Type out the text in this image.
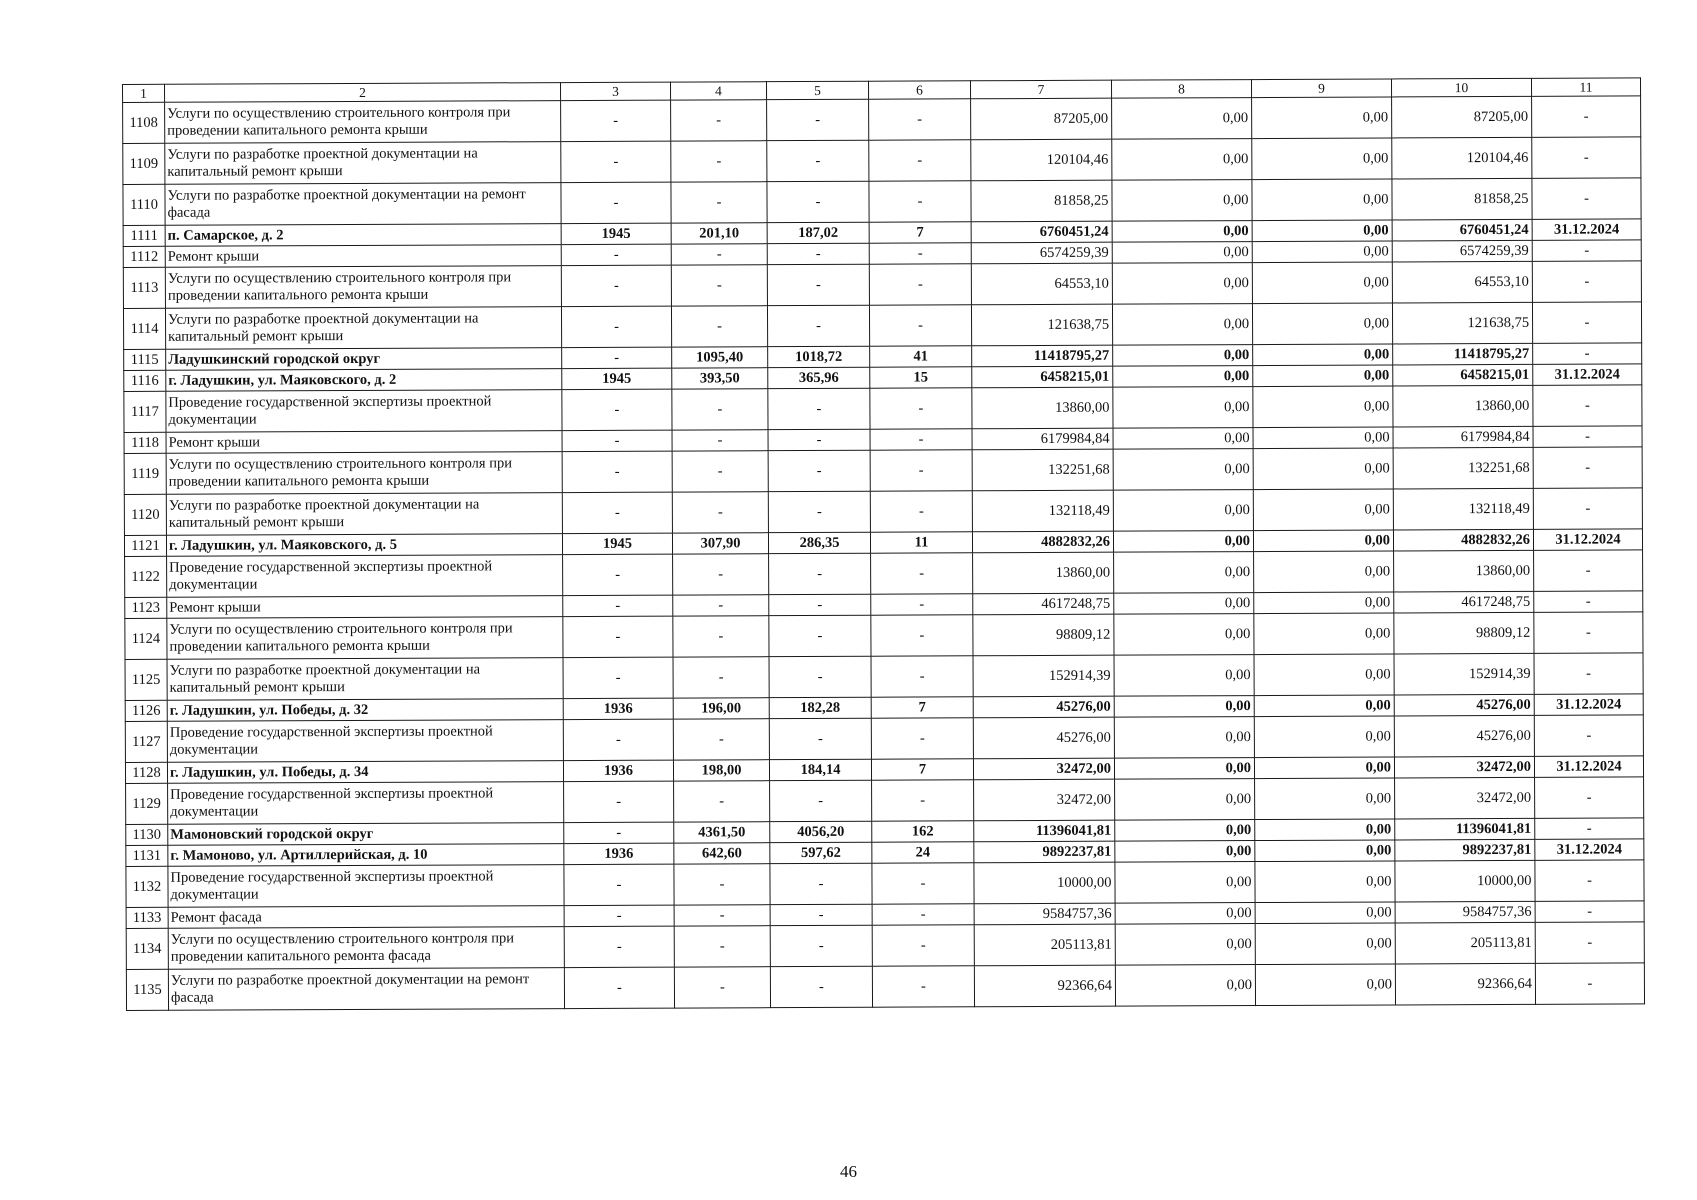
1	2	3	4	5	6	7	8	9	10	11
1108	Услуги по осуществлению строительного контроля при проведении капитального ремонта крыши	-	-	-	-	87205,00	0,00	0,00	87205,00	-
1109	Услуги по разработке проектной документации на капитальный ремонт крыши	-	-	-	-	120104,46	0,00	0,00	120104,46	-
1110	Услуги по разработке проектной документации на ремонт фасада	-	-	-	-	81858,25	0,00	0,00	81858,25	-
1111	п. Самарское, д. 2	1945	201,10	187,02	7	6760451,24	0,00	0,00	6760451,24	31.12.2024
1112	Ремонт крыши	-	-	-	-	6574259,39	0,00	0,00	6574259,39	-
1113	Услуги по осуществлению строительного контроля при проведении капитального ремонта крыши	-	-	-	-	64553,10	0,00	0,00	64553,10	-
1114	Услуги по разработке проектной документации на капитальный ремонт крыши	-	-	-	-	121638,75	0,00	0,00	121638,75	-
1115	Ладушкинский городской округ	-	1095,40	1018,72	41	11418795,27	0,00	0,00	11418795,27	-
1116	г. Ладушкин, ул. Маяковского, д. 2	1945	393,50	365,96	15	6458215,01	0,00	0,00	6458215,01	31.12.2024
1117	Проведение государственной экспертизы проектной документации	-	-	-	-	13860,00	0,00	0,00	13860,00	-
1118	Ремонт крыши	-	-	-	-	6179984,84	0,00	0,00	6179984,84	-
1119	Услуги по осуществлению строительного контроля при проведении капитального ремонта крыши	-	-	-	-	132251,68	0,00	0,00	132251,68	-
1120	Услуги по разработке проектной документации на капитальный ремонт крыши	-	-	-	-	132118,49	0,00	0,00	132118,49	-
1121	г. Ладушкин, ул. Маяковского, д. 5	1945	307,90	286,35	11	4882832,26	0,00	0,00	4882832,26	31.12.2024
1122	Проведение государственной экспертизы проектной документации	-	-	-	-	13860,00	0,00	0,00	13860,00	-
1123	Ремонт крыши	-	-	-	-	4617248,75	0,00	0,00	4617248,75	-
1124	Услуги по осуществлению строительного контроля при проведении капитального ремонта крыши	-	-	-	-	98809,12	0,00	0,00	98809,12	-
1125	Услуги по разработке проектной документации на капитальный ремонт крыши	-	-	-	-	152914,39	0,00	0,00	152914,39	-
1126	г. Ладушкин, ул. Победы, д. 32	1936	196,00	182,28	7	45276,00	0,00	0,00	45276,00	31.12.2024
1127	Проведение государственной экспертизы проектной документации	-	-	-	-	45276,00	0,00	0,00	45276,00	-
1128	г. Ладушкин, ул. Победы, д. 34	1936	198,00	184,14	7	32472,00	0,00	0,00	32472,00	31.12.2024
1129	Проведение государственной экспертизы проектной документации	-	-	-	-	32472,00	0,00	0,00	32472,00	-
1130	Мамоновский городской округ	-	4361,50	4056,20	162	11396041,81	0,00	0,00	11396041,81	-
1131	г. Мамоново, ул. Артиллерийская, д. 10	1936	642,60	597,62	24	9892237,81	0,00	0,00	9892237,81	31.12.2024
1132	Проведение государственной экспертизы проектной документации	-	-	-	-	10000,00	0,00	0,00	10000,00	-
1133	Ремонт фасада	-	-	-	-	9584757,36	0,00	0,00	9584757,36	-
1134	Услуги по осуществлению строительного контроля при проведении капитального ремонта фасада	-	-	-	-	205113,81	0,00	0,00	205113,81	-
1135	Услуги по разработке проектной документации на ремонт фасада	-	-	-	-	92366,64	0,00	0,00	92366,64	-
46
